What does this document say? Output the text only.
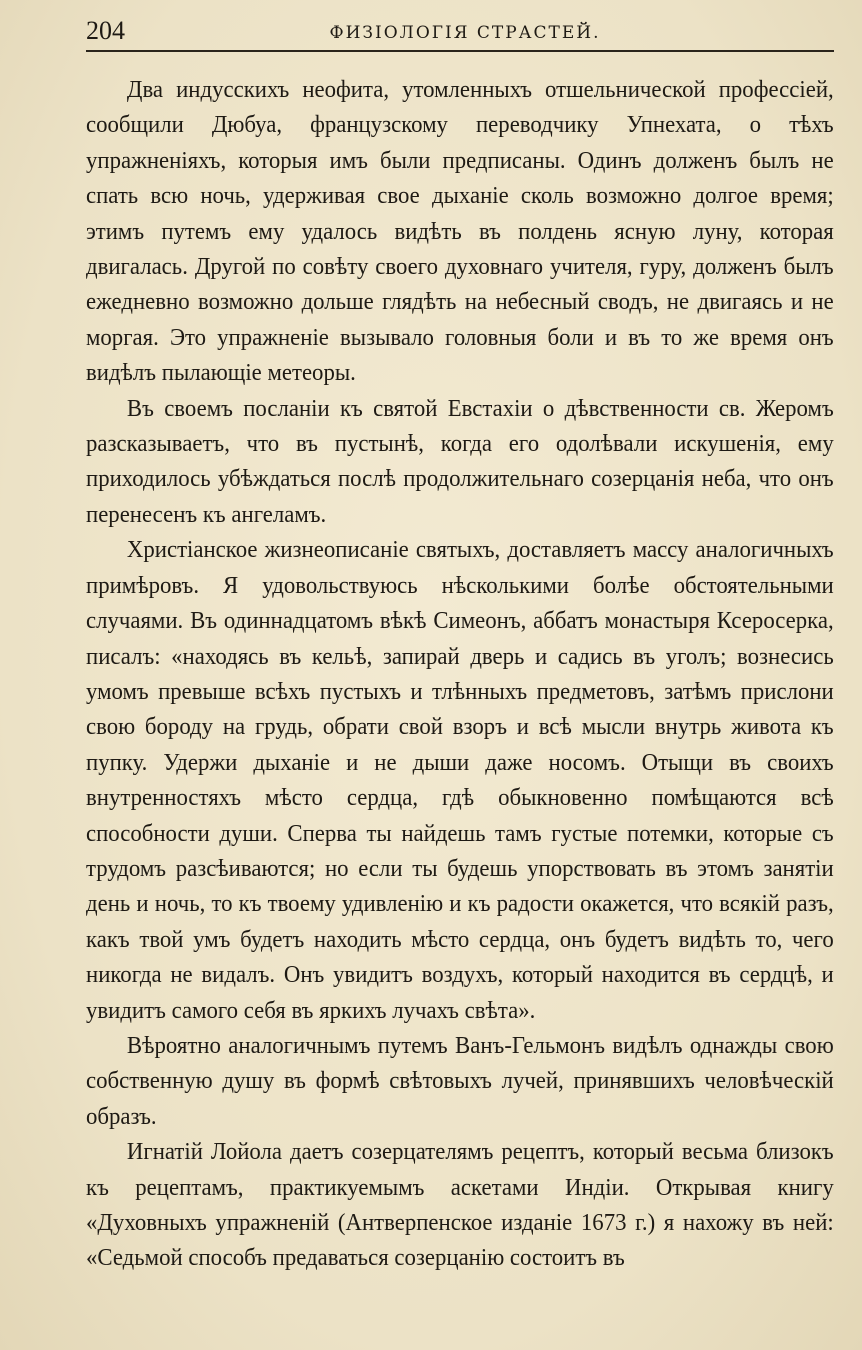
204	ФИЗІОЛОГІЯ СТРАСТЕЙ.

Два индусскихъ неофита, утомленныхъ отшельнической профессіей, сообщили Дюбуа, французскому переводчику Упнехата, о тѣхъ упражненіяхъ, которыя имъ были предписаны. Одинъ долженъ былъ не спать всю ночь, удерживая свое дыханіе сколь возможно долгое время; этимъ путемъ ему удалось видѣть въ полдень ясную луну, которая двигалась. Другой по совѣту своего духовнаго учителя, гуру, долженъ былъ ежедневно возможно дольше глядѣть на небесный сводъ, не двигаясь и не моргая. Это упражненіе вызывало головныя боли и въ то же время онъ видѣлъ пылающіе метеоры.

Въ своемъ посланіи къ святой Евстахіи о дѣвственности св. Жеромъ разсказываетъ, что въ пустынѣ, когда его одолѣвали искушенія, ему приходилось убѣждаться послѣ продолжительнаго созерцанія неба, что онъ перенесенъ къ ангеламъ.

Христіанское жизнеописаніе святыхъ, доставляетъ массу аналогичныхъ примѣровъ. Я удовольствуюсь нѣсколькими болѣе обстоятельными случаями. Въ одиннадцатомъ вѣкѣ Симеонъ, аббатъ монастыря Ксеросерка, писалъ: «находясь въ кельѣ, запирай дверь и садись въ уголъ; вознесись умомъ превыше всѣхъ пустыхъ и тлѣнныхъ предметовъ, затѣмъ прислони свою бороду на грудь, обрати свой взоръ и всѣ мысли внутрь живота къ пупку. Удержи дыханіе и не дыши даже носомъ. Отыщи въ своихъ внутренностяхъ мѣсто сердца, гдѣ обыкновенно помѣщаются всѣ способности души. Сперва ты найдешь тамъ густые потемки, которые съ трудомъ разсѣиваются; но если ты будешь упорствовать въ этомъ занятіи день и ночь, то къ твоему удивленію и къ радости окажется, что всякій разъ, какъ твой умъ будетъ находить мѣсто сердца, онъ будетъ видѣть то, чего никогда не видалъ. Онъ увидитъ воздухъ, который находится въ сердцѣ, и увидитъ самого себя въ яркихъ лучахъ свѣта».

Вѣроятно аналогичнымъ путемъ Ванъ-Гельмонъ видѣлъ однажды свою собственную душу въ формѣ свѣтовыхъ лучей, принявшихъ человѣческій образъ.

Игнатій Лойола даетъ созерцателямъ рецептъ, который весьма близокъ къ рецептамъ, практикуемымъ аскетами Индіи. Открывая книгу «Духовныхъ упражненій (Антверпенское изданіе 1673 г.) я нахожу въ ней: «Седьмой способъ предаваться созерцанію состоитъ въ
